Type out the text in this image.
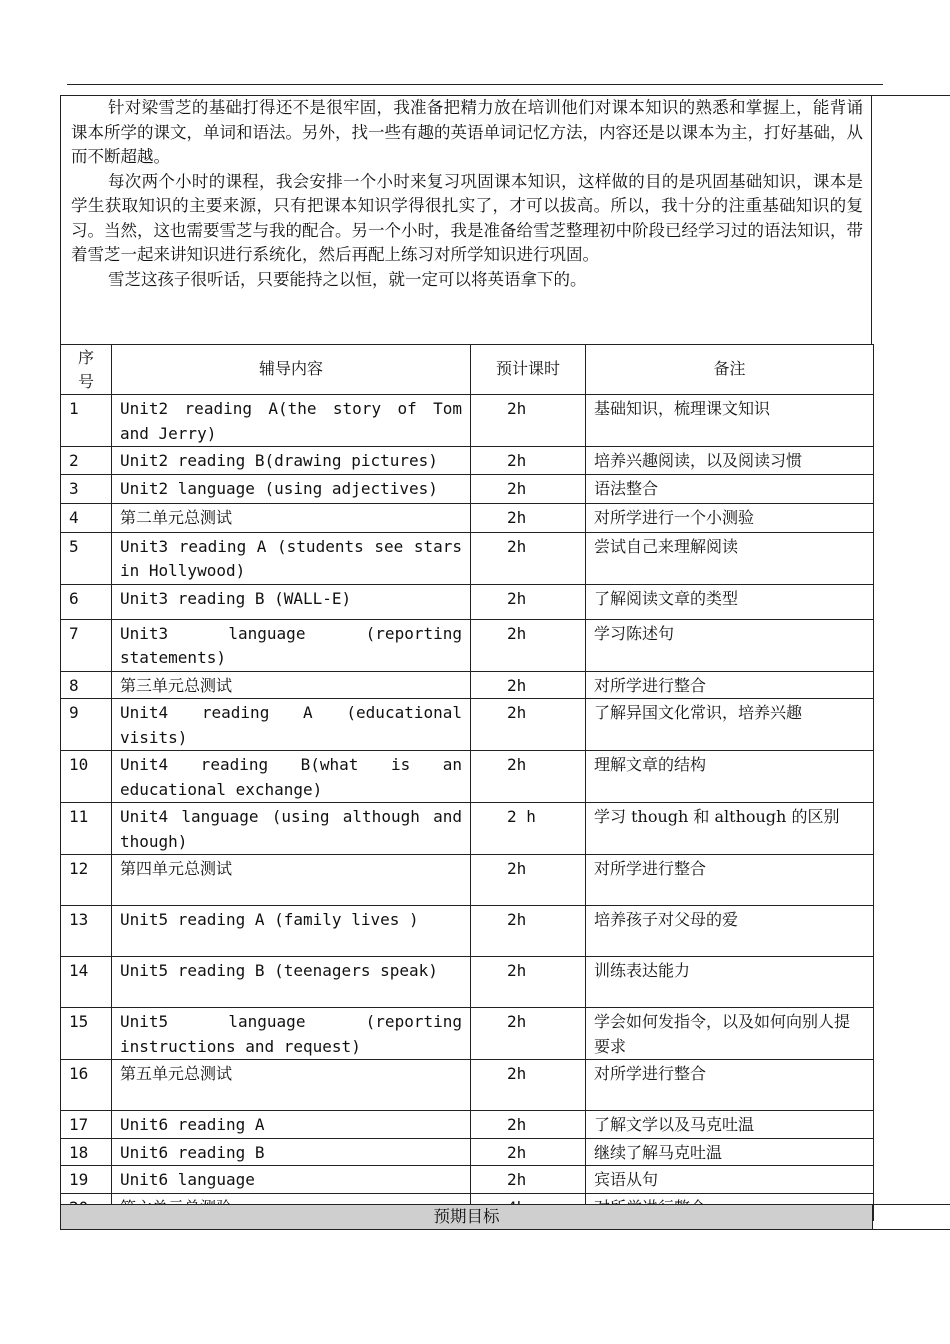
针对梁雪芝的基础打得还不是很牢固，我准备把精力放在培训他们对课本知识的熟悉和掌握上，能背诵课本所学的课文，单词和语法。另外，找一些有趣的英语单词记忆方法，内容还是以课本为主，打好基础，从而不断超越。

每次两个小时的课程，我会安排一个小时来复习巩固课本知识，这样做的目的是巩固基础知识，课本是学生获取知识的主要来源，只有把课本知识学得很扎实了，才可以拔高。所以，我十分的注重基础知识的复习。当然，这也需要雪芝与我的配合。另一个小时，我是准备给雪芝整理初中阶段已经学习过的语法知识，带着雪芝一起来讲知识进行系统化，然后再配上练习对所学知识进行巩固。

雪芝这孩子很听话，只要能持之以恒，就一定可以将英语拿下的。

序号	辅导内容	预计课时	备注
1	Unit2 reading A(the story of Tom and Jerry)	2h	基础知识，梳理课文知识
2	Unit2 reading B(drawing pictures)	2h	培养兴趣阅读，以及阅读习惯
3	Unit2 language (using adjectives)	2h	语法整合
4	第二单元总测试	2h	对所学进行一个小测验
5	Unit3 reading A (students see stars in Hollywood)	2h	尝试自己来理解阅读
6	Unit3 reading B (WALL-E)	2h	了解阅读文章的类型
7	Unit3 language (reporting statements)	2h	学习陈述句
8	第三单元总测试	2h	对所学进行整合
9	Unit4 reading A (educational visits)	2h	了解异国文化常识，培养兴趣
10	Unit4 reading B(what is an educational exchange)	2h	理解文章的结构
11	Unit4 language (using although and though)	2 h	学习 though 和 although 的区别
12	第四单元总测试	2h	对所学进行整合
13	Unit5 reading A (family lives )	2h	培养孩子对父母的爱
14	Unit5 reading B (teenagers speak)	2h	训练表达能力
15	Unit5 language (reporting instructions and request)	2h	学会如何发指令，以及如何向别人提要求
16	第五单元总测试	2h	对所学进行整合
17	Unit6 reading A	2h	了解文学以及马克吐温
18	Unit6 reading B	2h	继续了解马克吐温
19	Unit6 language	2h	宾语从句

预期目标
